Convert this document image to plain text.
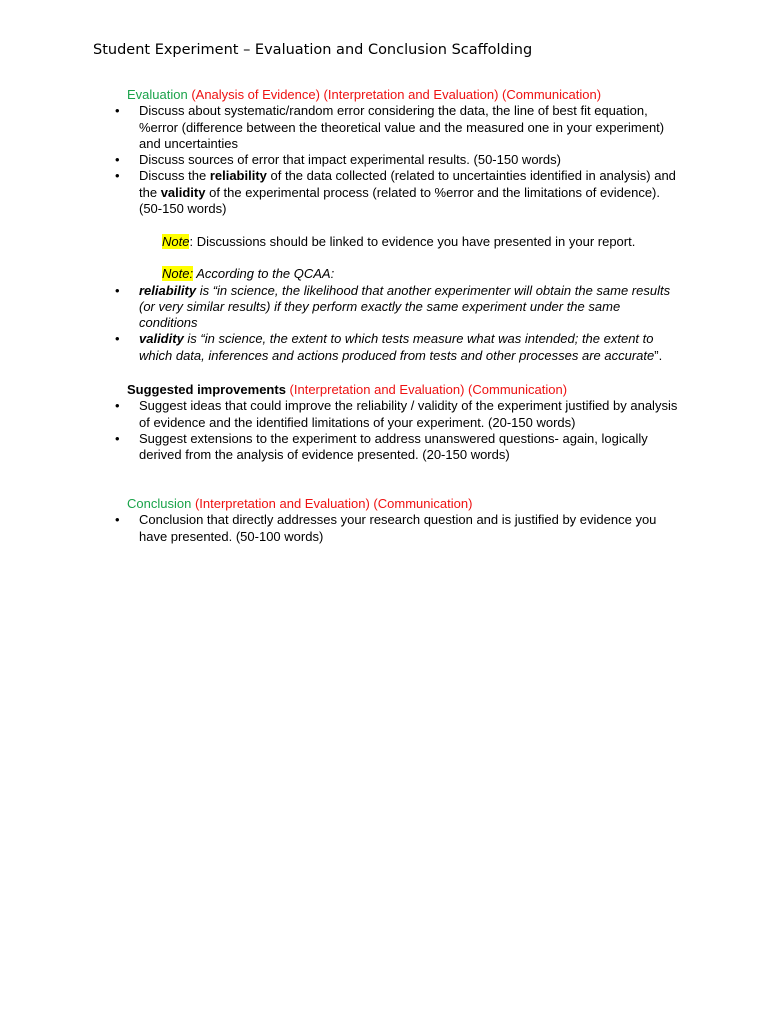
Student Experiment – Evaluation and Conclusion Scaffolding
Evaluation (Analysis of Evidence) (Interpretation and Evaluation) (Communication)
• Discuss about systematic/random error considering the data, the line of best fit equation, %error (difference between the theoretical value and the measured one in your experiment) and uncertainties
• Discuss sources of error that impact experimental results. (50-150 words)
• Discuss the reliability of the data collected (related to uncertainties identified in analysis) and the validity of the experimental process (related to %error and the limitations of evidence). (50-150 words)
Note: Discussions should be linked to evidence you have presented in your report.
Note: According to the QCAA:
• reliability is “in science, the likelihood that another experimenter will obtain the same results (or very similar results) if they perform exactly the same experiment under the same conditions
• validity is “in science, the extent to which tests measure what was intended; the extent to which data, inferences and actions produced from tests and other processes are accurate”.
Suggested improvements (Interpretation and Evaluation) (Communication)
• Suggest ideas that could improve the reliability / validity of the experiment justified by analysis of evidence and the identified limitations of your experiment. (20-150 words)
• Suggest extensions to the experiment to address unanswered questions- again, logically derived from the analysis of evidence presented. (20-150 words)
Conclusion (Interpretation and Evaluation) (Communication)
• Conclusion that directly addresses your research question and is justified by evidence you have presented. (50-100 words)
